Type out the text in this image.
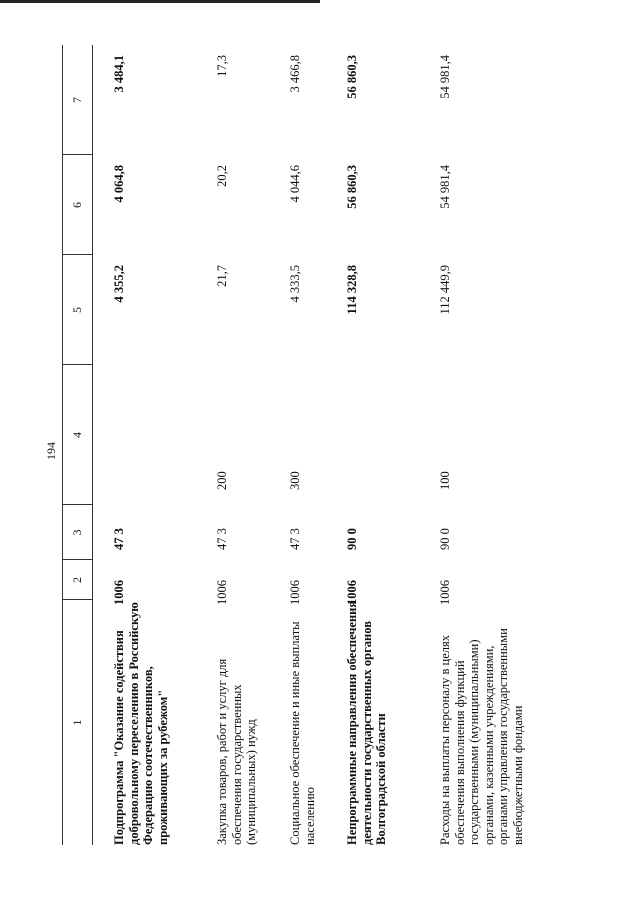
194
1
2
3
4
5
6
7
Подпрограмма "Оказание содействия добровольному переселению в Российскую Федерацию соотечественников, проживающих за рубежом"
1006
47 3
4 355,2
4 064,8
3 484,1
Закупка товаров, работ и услуг для обеспечения государственных (муниципальных) нужд
1006
47 3
200
21,7
20,2
17,3
Социальное обеспечение и иные выплаты населению
1006
47 3
300
4 333,5
4 044,6
3 466,8
Непрограммные направления обеспечения деятельности государственных органов Волгоградской области
1006
90 0
114 328,8
56 860,3
56 860,3
Расходы на выплаты персоналу в целях обеспечения выполнения функций государственными (муниципальными) органами, казенными учреждениями, органами управления государственными внебюджетными фондами
1006
90 0
100
112 449,9
54 981,4
54 981,4
